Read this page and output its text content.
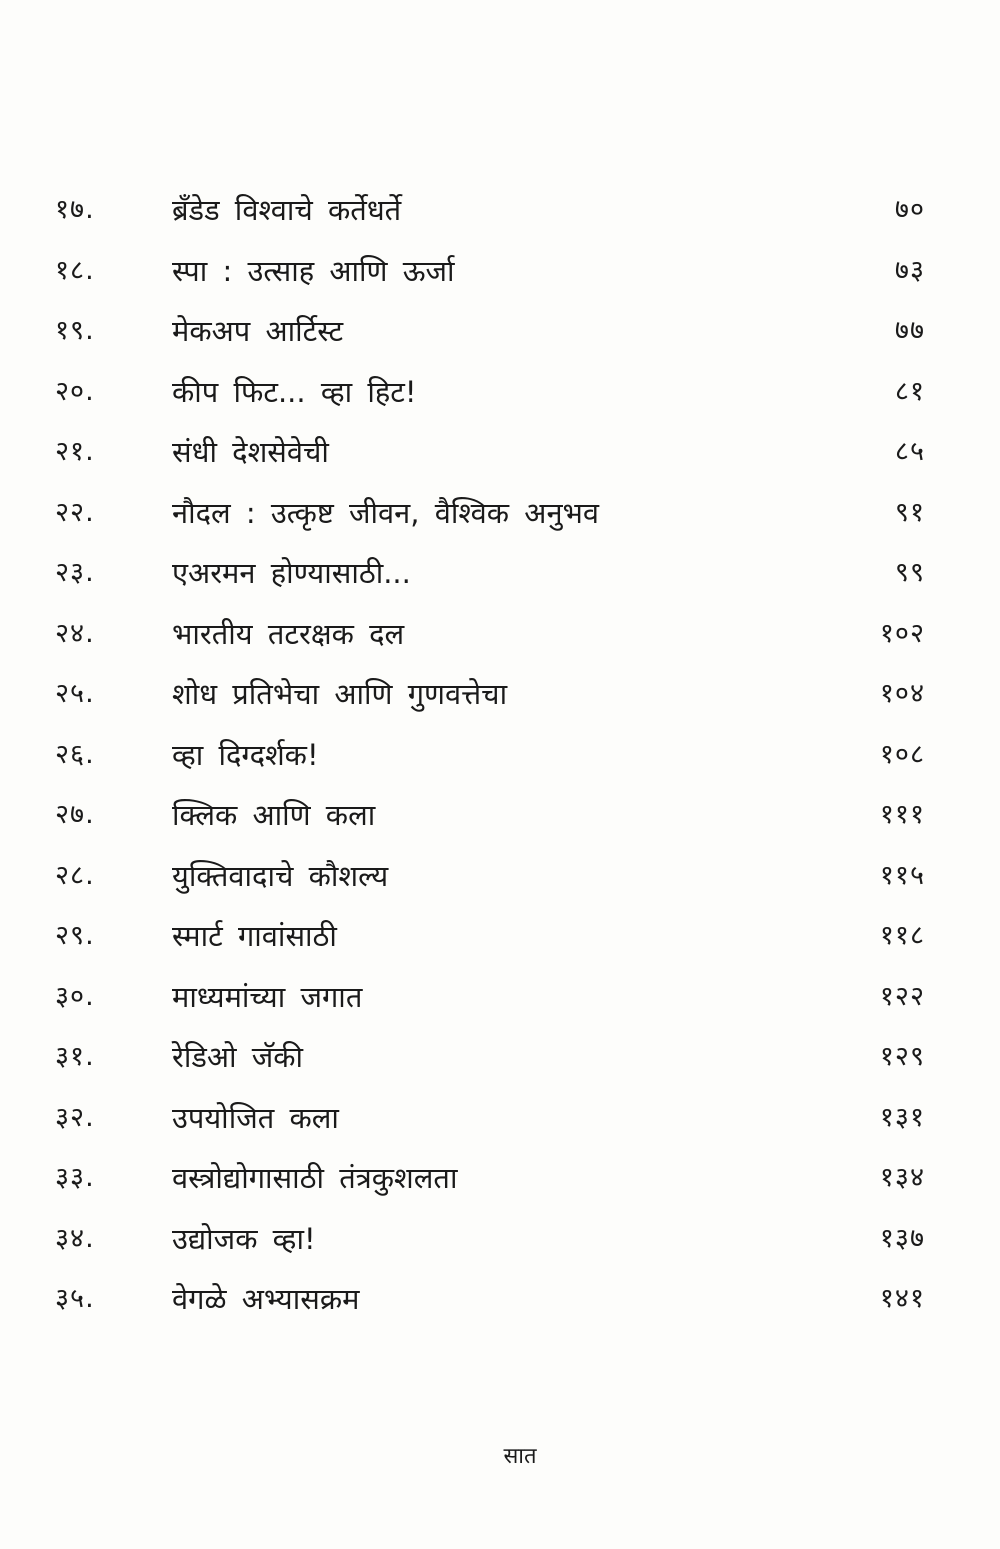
१७.	ब्रँडेड विश्वाचे कर्तेधर्ते	७०
१८.	स्पा : उत्साह आणि ऊर्जा	७३
१९.	मेकअप आर्टिस्ट	७७
२०.	कीप फिट... व्हा हिट!	८१
२१.	संधी देशसेवेची	८५
२२.	नौदल : उत्कृष्ट जीवन, वैश्विक अनुभव	९१
२३.	एअरमन होण्यासाठी...	९९
२४.	भारतीय तटरक्षक दल	१०२
२५.	शोध प्रतिभेचा आणि गुणवत्तेचा	१०४
२६.	व्हा दिग्दर्शक!	१०८
२७.	क्लिक आणि कला	१११
२८.	युक्तिवादाचे कौशल्य	११५
२९.	स्मार्ट गावांसाठी	११८
३०.	माध्यमांच्या जगात	१२२
३१.	रेडिओ जॅकी	१२९
३२.	उपयोजित कला	१३१
३३.	वस्त्रोद्योगासाठी तंत्रकुशलता	१३४
३४.	उद्योजक व्हा!	१३७
३५.	वेगळे अभ्यासक्रम	१४१
सात
